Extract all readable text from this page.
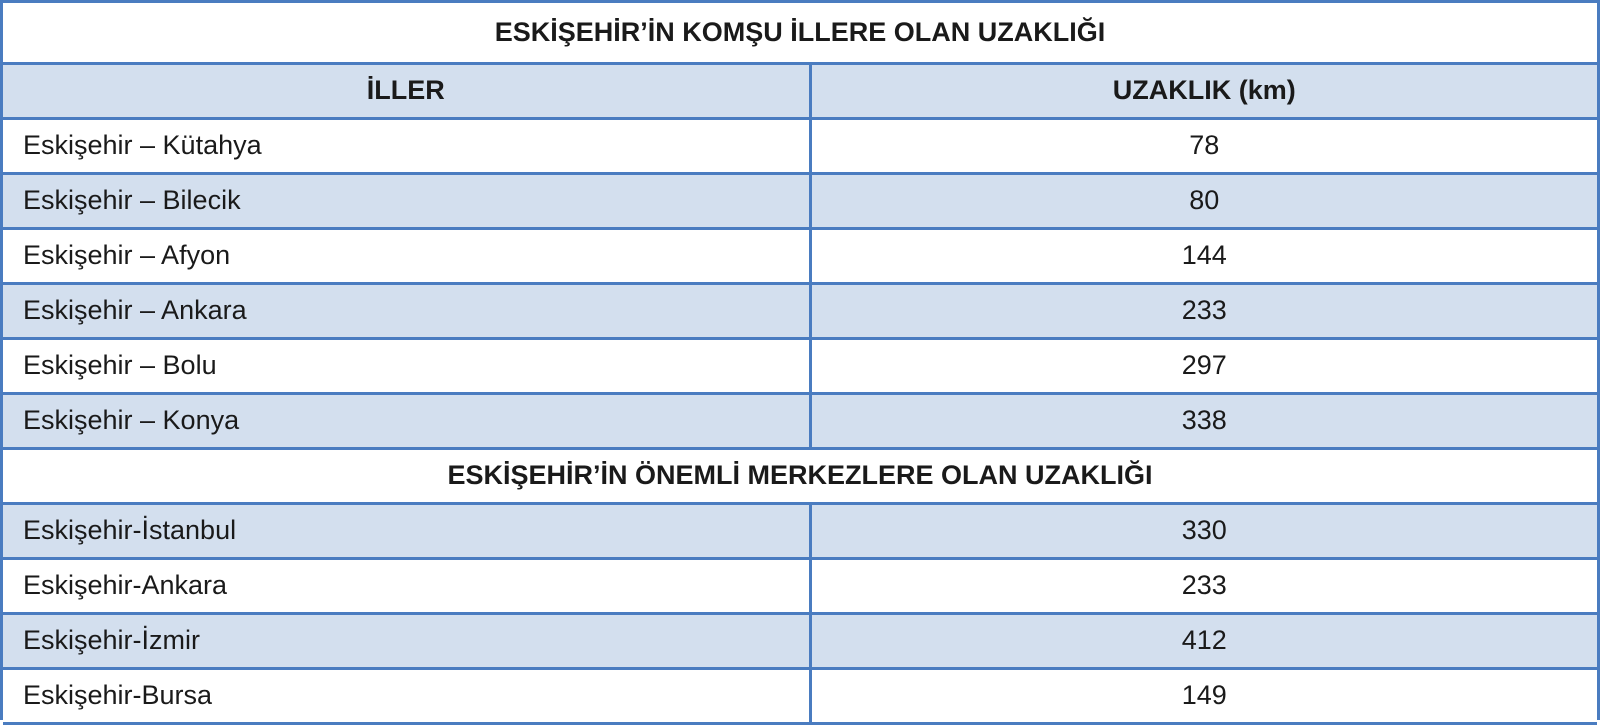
ESKİŞEHİR’İN KOMŞU İLLERE OLAN UZAKLIĞI	
İLLER	UZAKLIK (km)
Eskişehir – Kütahya	78
Eskişehir – Bilecik	80
Eskişehir – Afyon	144
Eskişehir – Ankara	233
Eskişehir – Bolu	297
Eskişehir – Konya	338
ESKİŞEHİR’İN ÖNEMLİ MERKEZLERE OLAN UZAKLIĞI	
Eskişehir-İstanbul	330
Eskişehir-Ankara	233
Eskişehir-İzmir	412
Eskişehir-Bursa	149
